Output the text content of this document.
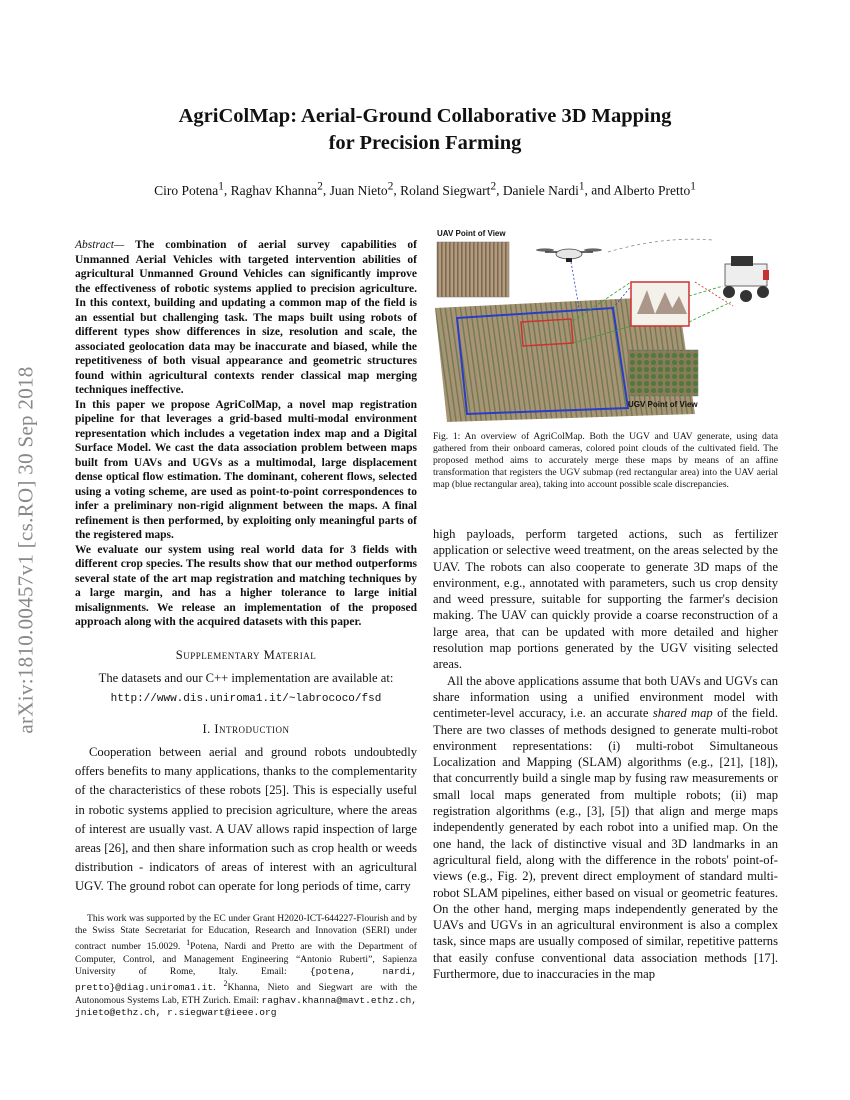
AgriColMap: Aerial-Ground Collaborative 3D Mapping
for Precision Farming
Ciro Potena$^1$, Raghav Khanna$^2$, Juan Nieto$^2$, Roland Siegwart$^2$, Daniele Nardi$^1$, and Alberto Pretto$^1$
arXiv:1810.00457v1 [cs.RO] 30 Sep 2018

Abstract— The combination of aerial survey capabilities of Unmanned Aerial Vehicles with targeted intervention abilities of agricultural Unmanned Ground Vehicles can significantly improve the effectiveness of robotic systems applied to precision agriculture. In this context, building and updating a common map of the field is an essential but challenging task. The maps built using robots of different types show differences in size, resolution and scale, the associated geolocation data may be inaccurate and biased, while the repetitiveness of both visual appearance and geometric structures found within agricultural contexts render classical map merging techniques ineffective.

In this paper we propose AgriColMap, a novel map registration pipeline for that leverages a grid-based multi-modal environment representation which includes a vegetation index map and a Digital Surface Model. We cast the data association problem between maps built from UAVs and UGVs as a multimodal, large displacement dense optical flow estimation. The dominant, coherent flows, selected using a voting scheme, are used as point-to-point correspondences to infer a preliminary non-rigid alignment between the maps. A final refinement is then performed, by exploiting only meaningful parts of the registered maps.

We evaluate our system using real world data for 3 fields with different crop species. The results show that our method outperforms several state of the art map registration and matching techniques by a large margin, and has a higher tolerance to large initial misalignments. We release an implementation of the proposed approach along with the acquired datasets with this paper.

Supplementary Material
The datasets and our C++ implementation are available at:
http://www.dis.uniroma1.it/~labrococo/fsd
I. Introduction

Cooperation between aerial and ground robots undoubtedly offers benefits to many applications, thanks to the complementarity of the characteristics of these robots [25]. This is especially useful in robotic systems applied to precision agriculture, where the areas of interest are usually vast. A UAV allows rapid inspection of large areas [26], and then share information such as crop health or weeds distribution - indicators of areas of interest with an agricultural UGV. The ground robot can operate for long periods of time, carry

This work was supported by the EC under Grant H2020-ICT-644227-Flourish and by the Swiss State Secretariat for Education, Research and Innovation (SERI) under contract number 15.0029. $^1$Potena, Nardi and Pretto are with the Department of Computer, Control, and Management Engineering “Antonio Ruberti”, Sapienza University of Rome, Italy. Email: {potena, nardi, pretto}@diag.uniroma1.it. $^2$Khanna, Nieto and Siegwart are with the Autonomous Systems Lab, ETH Zurich. Email: raghav.khanna@mavt.ethz.ch, jnieto@ethz.ch, r.siegwart@ieee.org

UAV Point of View
UGV Point of View
Fig. 1: An overview of AgriColMap. Both the UGV and UAV generate, using data gathered from their onboard cameras, colored point clouds of the cultivated field. The proposed method aims to accurately merge these maps by means of an affine transformation that registers the UGV submap (red rectangular area) into the UAV aerial map (blue rectangular area), taking into account possible scale discrepancies.

high payloads, perform targeted actions, such as fertilizer application or selective weed treatment, on the areas selected by the UAV. The robots can also cooperate to generate 3D maps of the environment, e.g., annotated with parameters, such us crop density and weed pressure, suitable for supporting the farmer's decision making. The UAV can quickly provide a coarse reconstruction of a large area, that can be updated with more detailed and higher resolution map portions generated by the UGV visiting selected areas.

All the above applications assume that both UAVs and UGVs can share information using a unified environment model with centimeter-level accuracy, i.e. an accurate shared map of the field. There are two classes of methods designed to generate multi-robot environment representations: (i) multi-robot Simultaneous Localization and Mapping (SLAM) algorithms (e.g., [21], [18]), that concurrently build a single map by fusing raw measurements or small local maps generated from multiple robots; (ii) map registration algorithms (e.g., [3], [5]) that align and merge maps independently generated by each robot into a unified map. On the one hand, the lack of distinctive visual and 3D landmarks in an agricultural field, along with the difference in the robots' point-of-views (e.g., Fig. 2), prevent direct employment of standard multi-robot SLAM pipelines, either based on visual or geometric features. On the other hand, merging maps independently generated by the UAVs and UGVs in an agricultural environment is also a complex task, since maps are usually composed of similar, repetitive patterns that easily confuse conventional data association methods [17]. Furthermore, due to inaccuracies in the map
